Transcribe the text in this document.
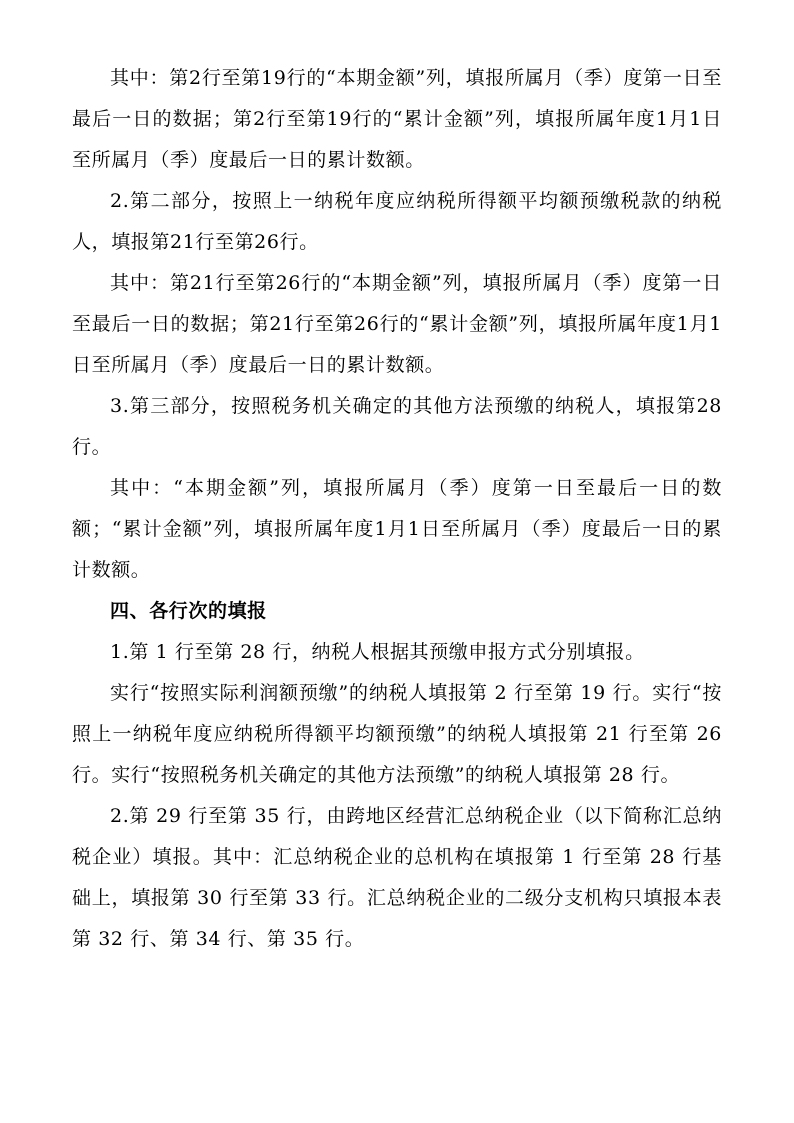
其中：第2行至第19行的“本期金额”列，填报所属月（季）度第一日至最后一日的数据；第2行至第19行的“累计金额”列，填报所属年度1月1日至所属月（季）度最后一日的累计数额。

2.第二部分，按照上一纳税年度应纳税所得额平均额预缴税款的纳税人，填报第21行至第26行。

其中：第21行至第26行的“本期金额”列，填报所属月（季）度第一日至最后一日的数据；第21行至第26行的“累计金额”列，填报所属年度1月1日至所属月（季）度最后一日的累计数额。

3.第三部分，按照税务机关确定的其他方法预缴的纳税人，填报第28行。

其中：“本期金额”列，填报所属月（季）度第一日至最后一日的数额；“累计金额”列，填报所属年度1月1日至所属月（季）度最后一日的累计数额。

四、各行次的填报

1.第 1 行至第 28 行，纳税人根据其预缴申报方式分别填报。

实行“按照实际利润额预缴”的纳税人填报第 2 行至第 19 行。实行“按照上一纳税年度应纳税所得额平均额预缴”的纳税人填报第 21 行至第 26 行。实行“按照税务机关确定的其他方法预缴”的纳税人填报第 28 行。

2.第 29 行至第 35 行，由跨地区经营汇总纳税企业（以下简称汇总纳税企业）填报。其中：汇总纳税企业的总机构在填报第 1 行至第 28 行基础上，填报第 30 行至第 33 行。汇总纳税企业的二级分支机构只填报本表第 32 行、第 34 行、第 35 行。
